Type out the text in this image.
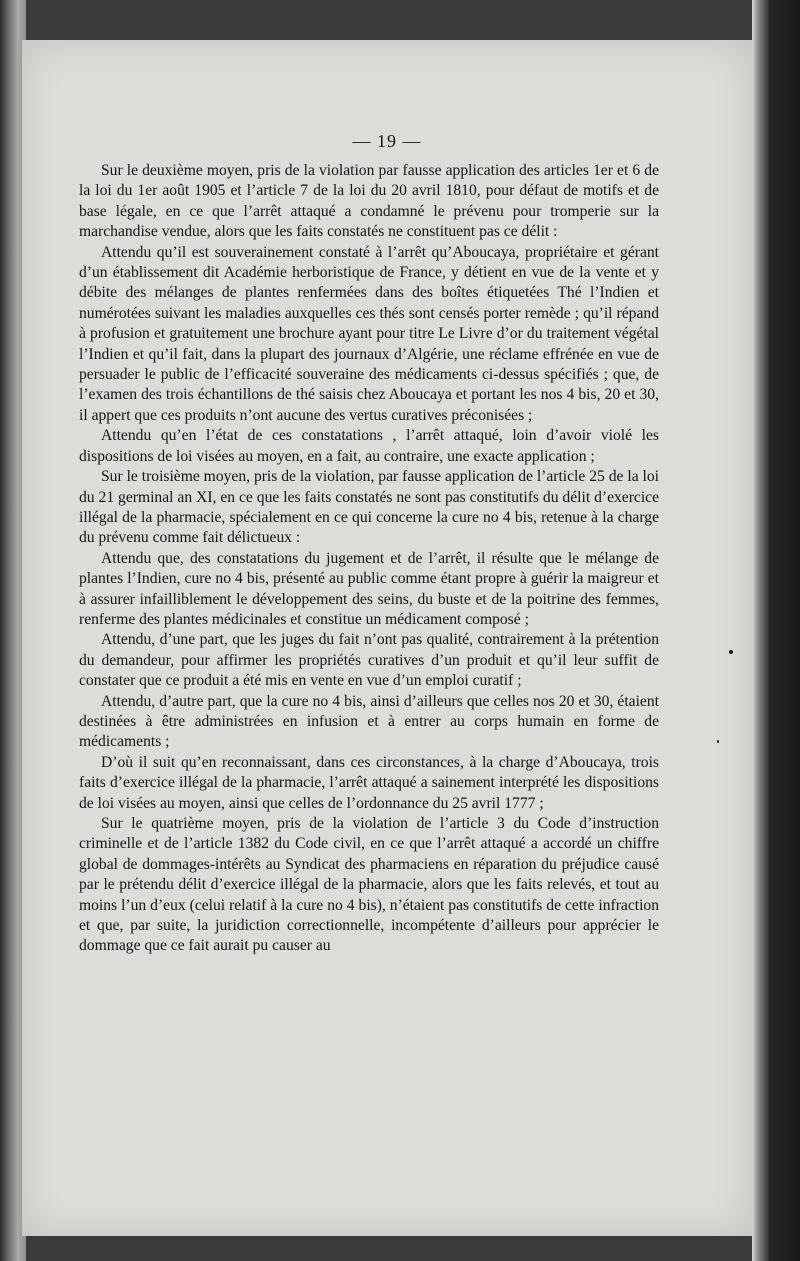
— 19 —

Sur le deuxième moyen, pris de la violation par fausse application des articles 1er et 6 de la loi du 1er août 1905 et l’article 7 de la loi du 20 avril 1810, pour défaut de motifs et de base légale, en ce que l’arrêt attaqué a condamné le prévenu pour tromperie sur la marchandise vendue, alors que les faits constatés ne constituent pas ce délit :

Attendu qu’il est souverainement constaté à l’arrêt qu’Aboucaya, propriétaire et gérant d’un établissement dit Académie herboristique de France, y détient en vue de la vente et y débite des mélanges de plantes renfermées dans des boîtes étiquetées Thé l’Indien et numérotées suivant les maladies auxquelles ces thés sont censés porter remède ; qu’il répand à profusion et gratuitement une brochure ayant pour titre Le Livre d’or du traitement végétal l’Indien et qu’il fait, dans la plupart des journaux d’Algérie, une réclame effrénée en vue de persuader le public de l’efficacité souveraine des médicaments ci-dessus spécifiés ; que, de l’examen des trois échantillons de thé saisis chez Aboucaya et portant les nos 4 bis, 20 et 30, il appert que ces produits n’ont aucune des vertus curatives préconisées ;

Attendu qu’en l’état de ces constatations , l’arrêt attaqué, loin d’avoir violé les dispositions de loi visées au moyen, en a fait, au contraire, une exacte application ;

Sur le troisième moyen, pris de la violation, par fausse application de l’article 25 de la loi du 21 germinal an XI, en ce que les faits constatés ne sont pas constitutifs du délit d’exercice illégal de la pharmacie, spécialement en ce qui concerne la cure no 4 bis, retenue à la charge du prévenu comme fait délictueux :

Attendu que, des constatations du jugement et de l’arrêt, il résulte que le mélange de plantes l’Indien, cure no 4 bis, présenté au public comme étant propre à guérir la maigreur et à assurer infailliblement le développement des seins, du buste et de la poitrine des femmes, renferme des plantes médicinales et constitue un médicament composé ;

Attendu, d’une part, que les juges du fait n’ont pas qualité, contrairement à la prétention du demandeur, pour affirmer les propriétés curatives d’un produit et qu’il leur suffit de constater que ce produit a été mis en vente en vue d’un emploi curatif ;

Attendu, d’autre part, que la cure no 4 bis, ainsi d’ailleurs que celles nos 20 et 30, étaient destinées à être administrées en infusion et à entrer au corps humain en forme de médicaments ;

D’où il suit qu’en reconnaissant, dans ces circonstances, à la charge d’Aboucaya, trois faits d’exercice illégal de la pharmacie, l’arrêt attaqué a sainement interprété les dispositions de loi visées au moyen, ainsi que celles de l’ordonnance du 25 avril 1777 ;

Sur le quatrième moyen, pris de la violation de l’article 3 du Code d’instruction criminelle et de l’article 1382 du Code civil, en ce que l’arrêt attaqué a accordé un chiffre global de dommages-intérêts au Syndicat des pharmaciens en réparation du préjudice causé par le prétendu délit d’exercice illégal de la pharmacie, alors que les faits relevés, et tout au moins l’un d’eux (celui relatif à la cure no 4 bis), n’étaient pas constitutifs de cette infraction et que, par suite, la juridiction correctionnelle, incompétente d’ailleurs pour apprécier le dommage que ce fait aurait pu causer au
